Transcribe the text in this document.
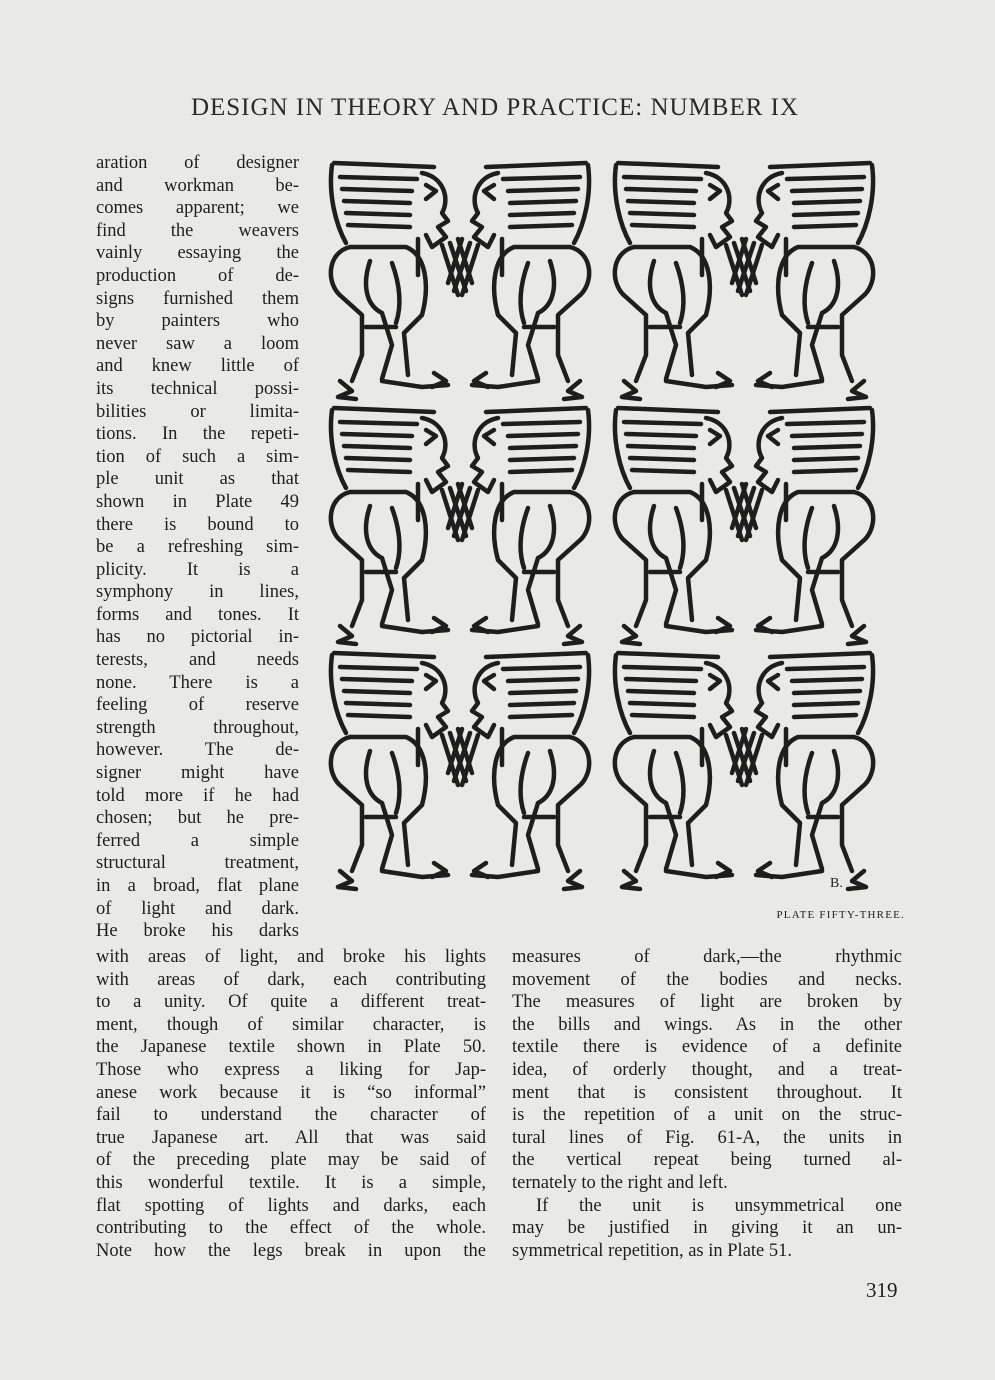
DESIGN IN THEORY AND PRACTICE: NUMBER IX
aration of designer
and workman be-
comes apparent; we
find the weavers
vainly essaying the
production of de-
signs furnished them
by painters who
never saw a loom
and knew little of
its technical possi-
bilities or limita-
tions. In the repeti-
tion of such a sim-
ple unit as that
shown in Plate 49
there is bound to
be a refreshing sim-
plicity. It is a
symphony in lines,
forms and tones. It
has no pictorial in-
terests, and needs
none. There is a
feeling of reserve
strength throughout,
however. The de-
signer might have
told more if he had
chosen; but he pre-
ferred a simple
structural treatment,
in a broad, flat plane
of light and dark.
He broke his darks
B.
PLATE FIFTY-THREE.
with areas of light, and broke his lights
with areas of dark, each contributing
to a unity. Of quite a different treat-
ment, though of similar character, is
the Japanese textile shown in Plate 50.
Those who express a liking for Jap-
anese work because it is “so informal”
fail to understand the character of
true Japanese art. All that was said
of the preceding plate may be said of
this wonderful textile. It is a simple,
flat spotting of lights and darks, each
contributing to the effect of the whole.
Note how the legs break in upon the
measures of dark,—the rhythmic
movement of the bodies and necks.
The measures of light are broken by
the bills and wings. As in the other
textile there is evidence of a definite
idea, of orderly thought, and a treat-
ment that is consistent throughout. It
is the repetition of a unit on the struc-
tural lines of Fig. 61-A, the units in
the vertical repeat being turned al-
ternately to the right and left.
If the unit is unsymmetrical one
may be justified in giving it an un-
symmetrical repetition, as in Plate 51.
319
